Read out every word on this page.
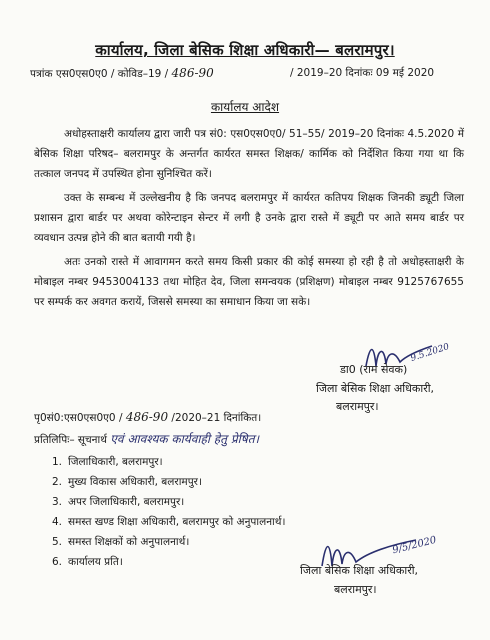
कार्यालय, जिला बेसिक शिक्षा अधिकारी— बलरामपुर।
पत्रांक एस0एस0ए0 / कोविड–19 / 486-90	/ 2019–20 दिनांकः 09 मई 2020
कार्यालय आदेश
अधोहस्ताक्षरी कार्यालय द्वारा जारी पत्र सं0: एस0एस0ए0/ 51–55/ 2019–20 दिनांकः 4.5.2020 में बेसिक शिक्षा परिषद– बलरामपुर के अन्तर्गत कार्यरत समस्त शिक्षक/ कार्मिक को निर्देशित किया गया था कि तत्काल जनपद में उपस्थित होना सुनिश्चित करें।
उक्त के सम्बन्ध में उल्लेखनीय है कि जनपद बलरामपुर में कार्यरत कतिपय शिक्षक जिनकी ड्यूटी जिला प्रशासन द्वारा बार्डर पर अथवा कोरेन्टाइन सेन्टर में लगी है उनके द्वारा रास्ते में ड्यूटी पर आते समय बार्डर पर व्यवधान उत्पन्न होने की बात बतायी गयी है।
अतः उनको रास्ते में आवागमन करते समय किसी प्रकार की कोई समस्या हो रही है तो अधोहस्ताक्षरी के मोबाइल नम्बर 9453004133 तथा मोहित देव, जिला समन्वयक (प्रशिक्षण) मोबाइल नम्बर 9125767655 पर सम्पर्क कर अवगत करायें, जिससे समस्या का समाधान किया जा सके।
9.5.2020
डा0 (राम सेवक)
जिला बेसिक शिक्षा अधिकारी,
बलरामपुर।
पृ0सं0:एस0एस0ए0 / 486-90 /2020–21 दिनांकित।
प्रतिलिपिः– सूचनार्थ एवं आवश्यक कार्यवाही हेतु प्रेषित।
1. जिलाधिकारी, बलरामपुर।
2. मुख्य विकास अधिकारी, बलरामपुर।
3. अपर जिलाधिकारी, बलरामपुर।
4. समस्त खण्ड शिक्षा अधिकारी, बलरामपुर को अनुपालनार्थ।
5. समस्त शिक्षकों को अनुपालनार्थ।
6. कार्यालय प्रति।
9/5/2020
जिला बेसिक शिक्षा अधिकारी,
बलरामपुर।
